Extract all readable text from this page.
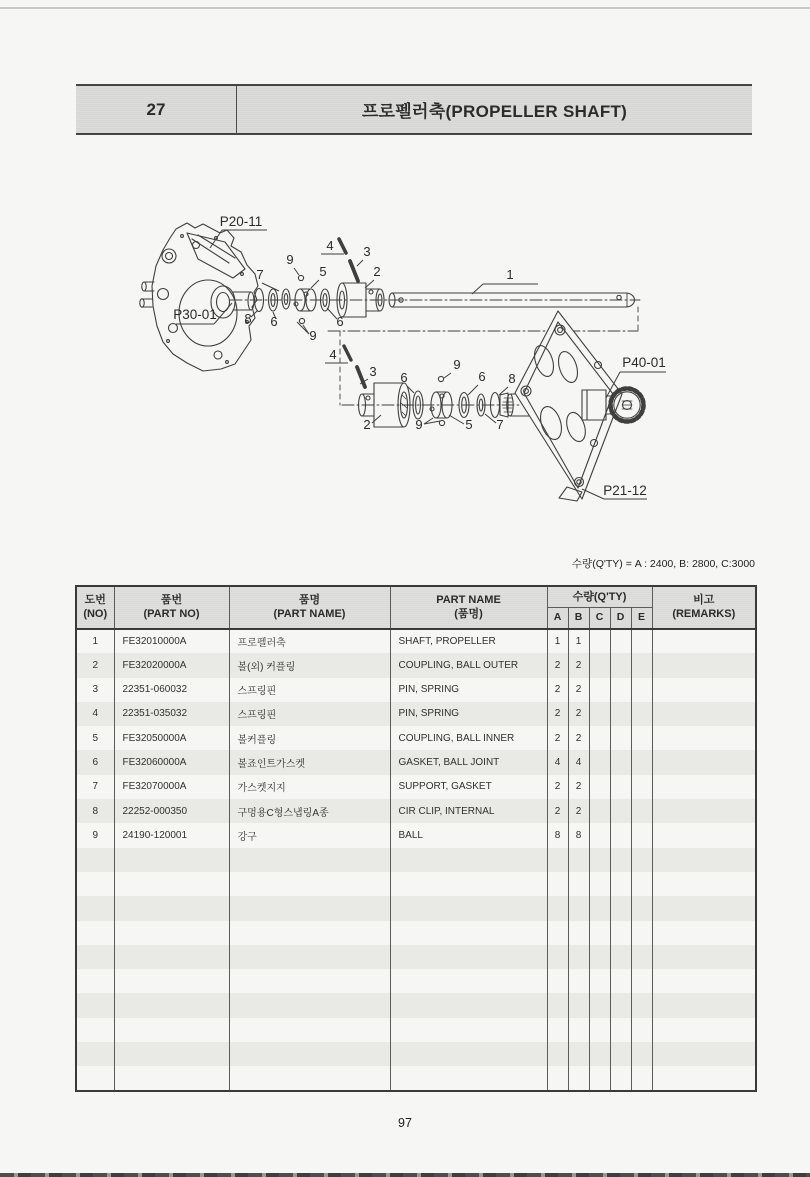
27	프로펠러축(PROPELLER SHAFT)
1
2
3
4
5
6	6
7
8
9
9
4
3
2
6
9
9	5
6
7
8
P20-11
P30-01
P40-01
P21-12
수량(Q'TY) = A : 2400, B: 2800, C:3000
도번
(NO)	품번
(PART NO)	품명
(PART NAME)	PART NAME
(품명)	수량(Q'TY)					비고
(REMARKS)
				A	B	C	D	E	
1	FE32010000A	프로펠러축	SHAFT, PROPELLER	1	1				
2	FE32020000A	볼(외) 커플링	COUPLING, BALL OUTER	2	2				
3	22351-060032	스프링핀	PIN, SPRING	2	2				
4	22351-035032	스프링핀	PIN, SPRING	2	2				
5	FE32050000A	볼커플링	COUPLING, BALL INNER	2	2				
6	FE32060000A	볼죠인트가스켓	GASKET, BALL JOINT	4	4				
7	FE32070000A	가스켓지지	SUPPORT, GASKET	2	2				
8	22252-000350	구멍용C형스냅링A종	CIR CLIP, INTERNAL	2	2				
9	24190-120001	강구	BALL	8	8				

97
